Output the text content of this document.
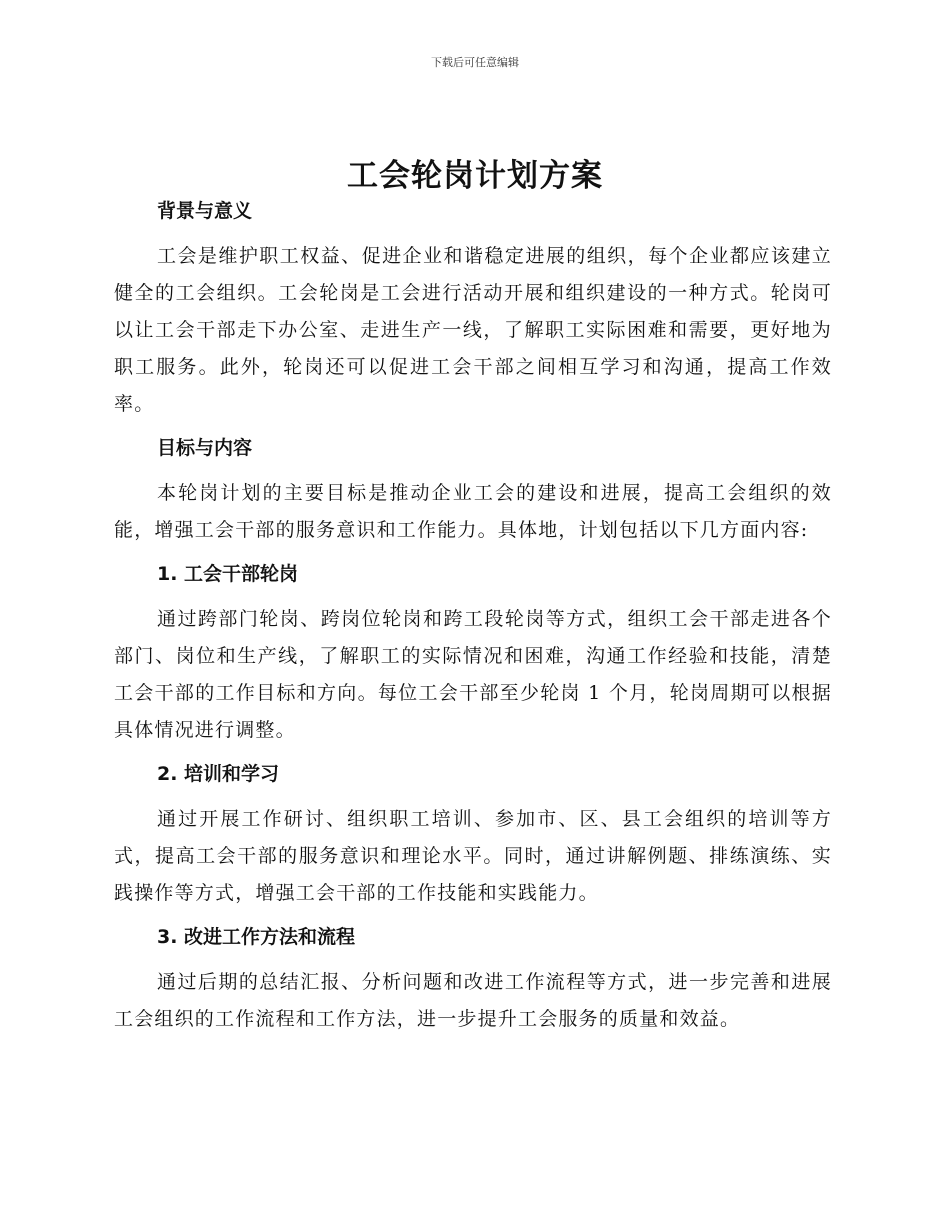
下载后可任意编辑
工会轮岗计划方案
背景与意义

工会是维护职工权益、促进企业和谐稳定进展的组织，每个企业都应该建立健全的工会组织。工会轮岗是工会进行活动开展和组织建设的一种方式。轮岗可以让工会干部走下办公室、走进生产一线，了解职工实际困难和需要，更好地为职工服务。此外，轮岗还可以促进工会干部之间相互学习和沟通，提高工作效率。

目标与内容

本轮岗计划的主要目标是推动企业工会的建设和进展，提高工会组织的效能，增强工会干部的服务意识和工作能力。具体地，计划包括以下几方面内容:

1. 工会干部轮岗

通过跨部门轮岗、跨岗位轮岗和跨工段轮岗等方式，组织工会干部走进各个部门、岗位和生产线，了解职工的实际情况和困难，沟通工作经验和技能，清楚工会干部的工作目标和方向。每位工会干部至少轮岗 1 个月，轮岗周期可以根据具体情况进行调整。

2. 培训和学习

通过开展工作研讨、组织职工培训、参加市、区、县工会组织的培训等方式，提高工会干部的服务意识和理论水平。同时，通过讲解例题、排练演练、实践操作等方式，增强工会干部的工作技能和实践能力。

3. 改进工作方法和流程

通过后期的总结汇报、分析问题和改进工作流程等方式，进一步完善和进展工会组织的工作流程和工作方法，进一步提升工会服务的质量和效益。
